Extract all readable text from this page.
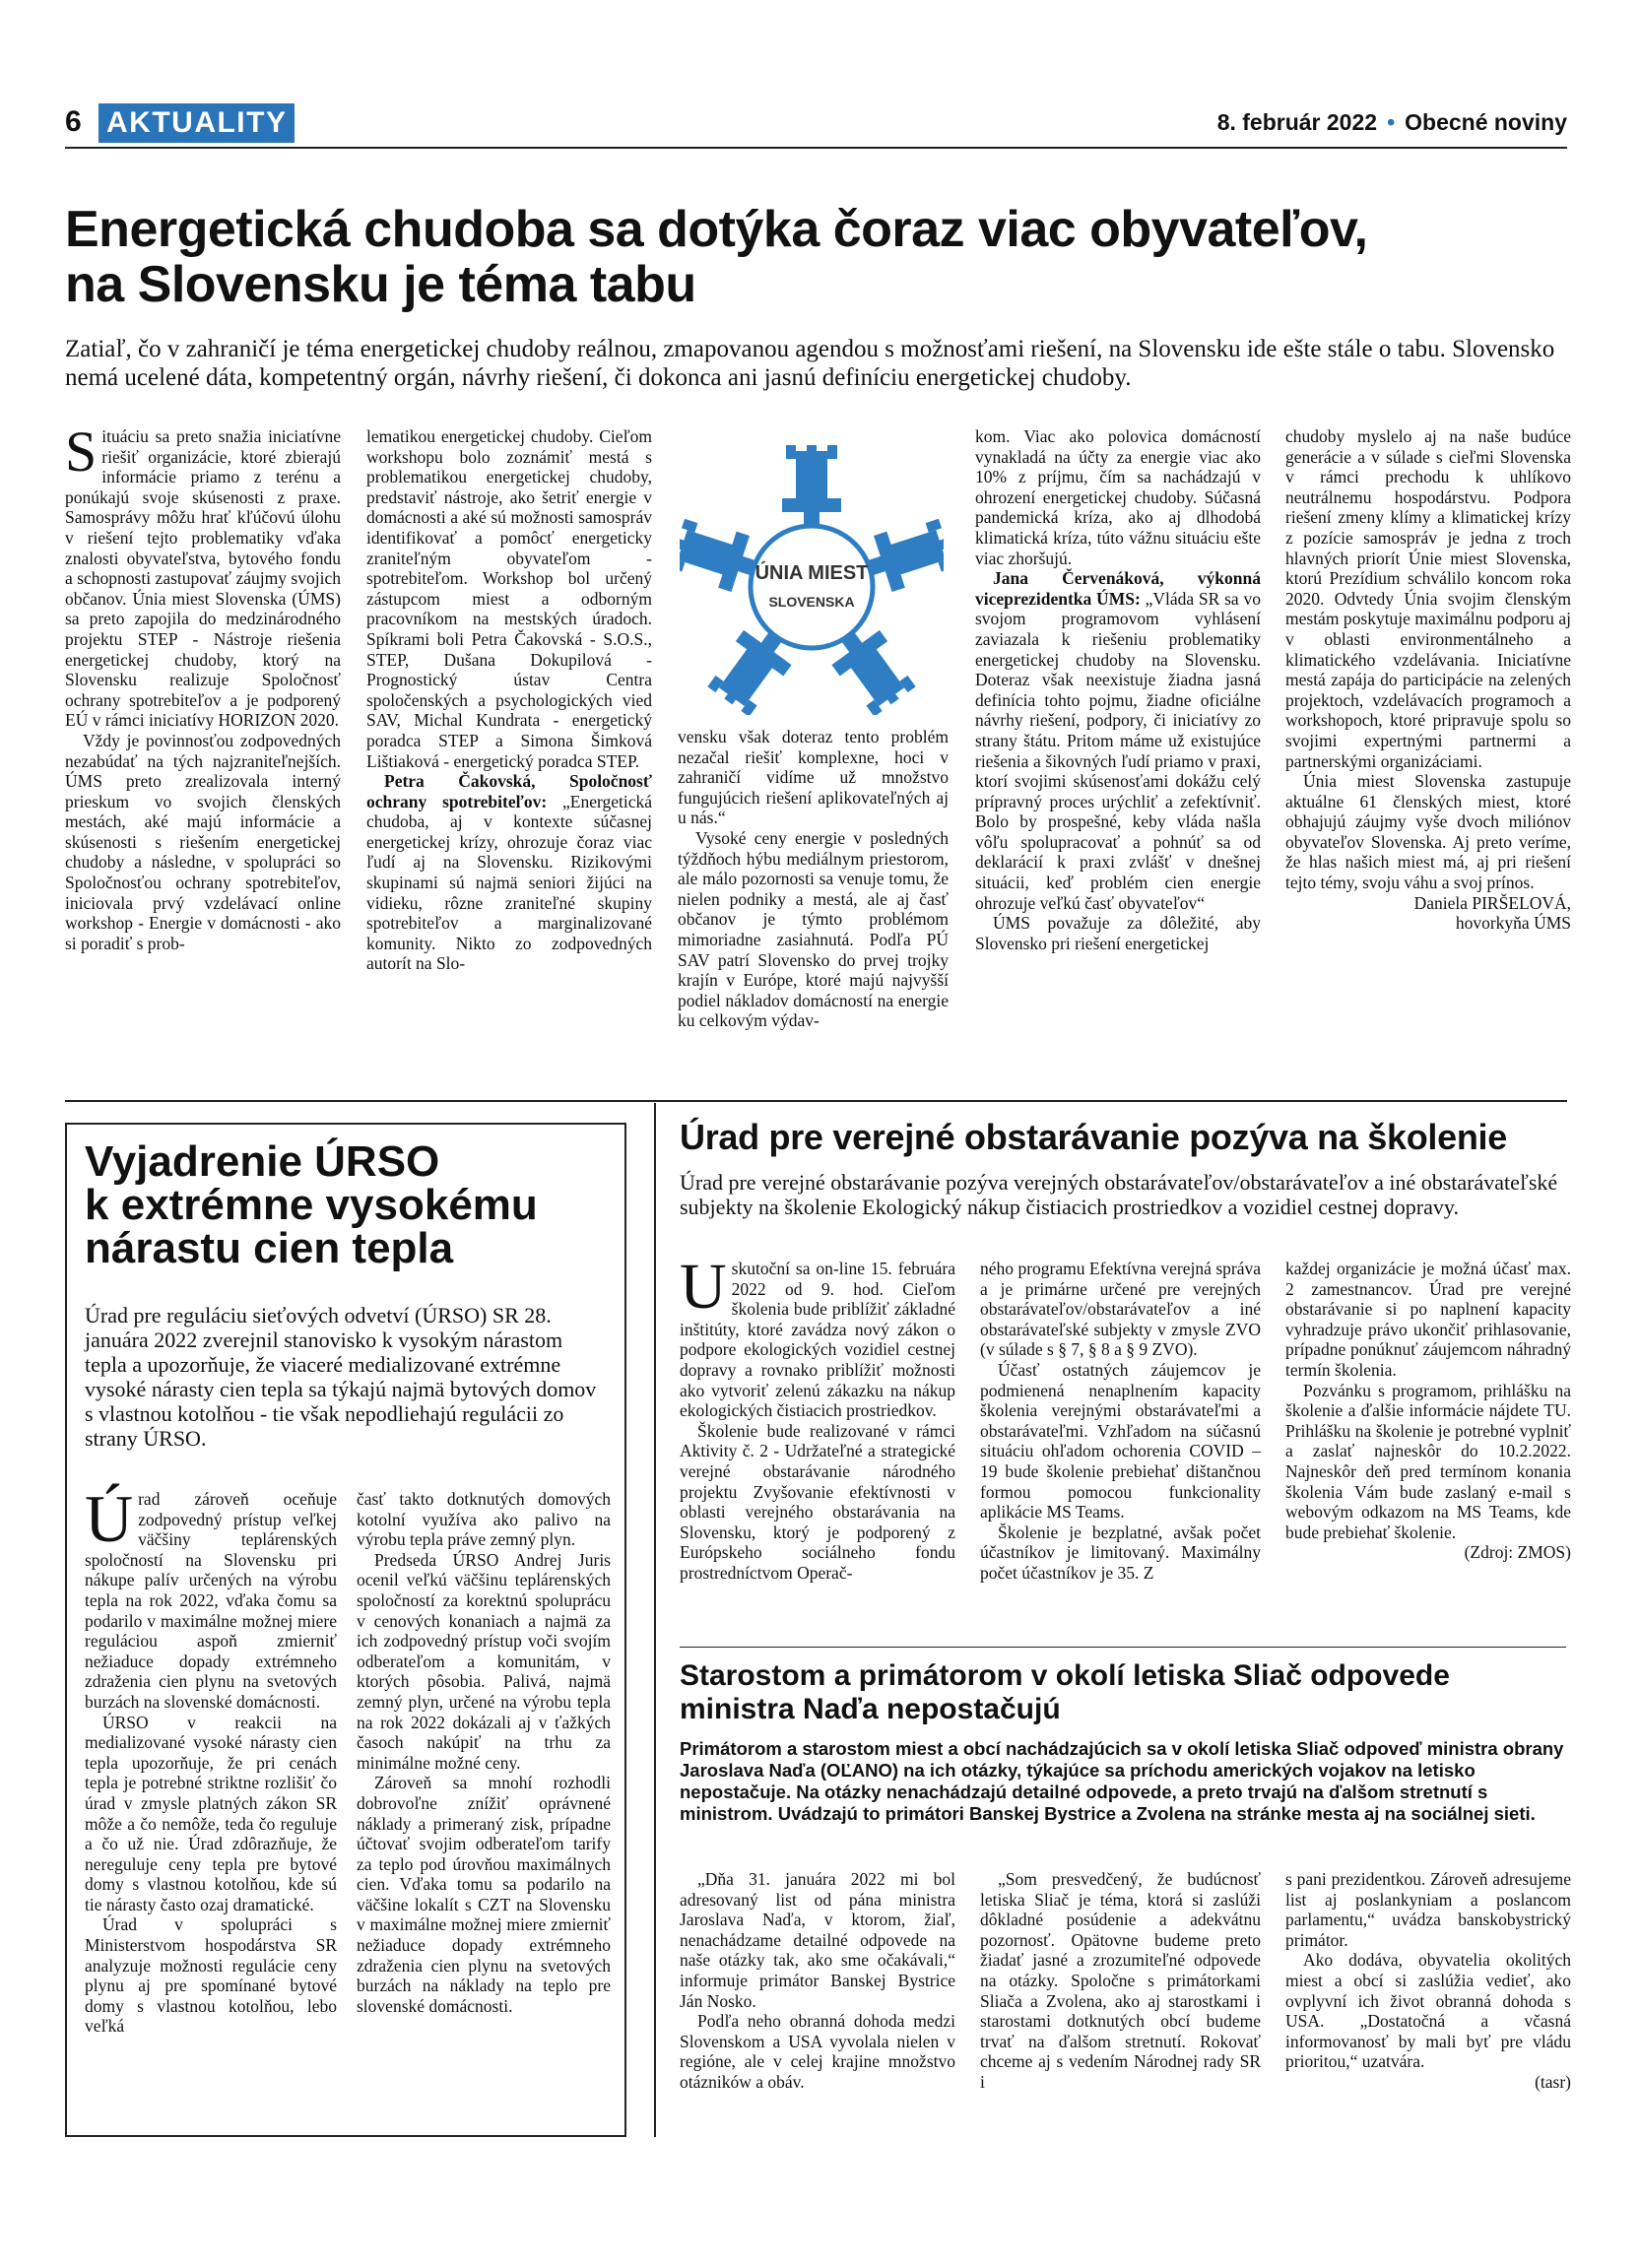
6 AKTUALITY	8. február 2022 • Obecné noviny
Energetická chudoba sa dotýka čoraz viac obyvateľov,
na Slovensku je téma tabu
Zatiaľ, čo v zahraničí je téma energetickej chudoby reálnou, zmapovanou agendou s možnosťami riešení, na Slovensku ide ešte stále o tabu. Slovensko nemá ucelené dáta, kompetentný orgán, návrhy riešení, či dokonca ani jasnú definíciu energetickej chudoby.

Situáciu sa preto snažia iniciatívne riešiť organizácie, ktoré zbierajú informácie priamo z terénu a ponúkajú svoje skúsenosti z praxe. Samosprávy môžu hrať kľúčovú úlohu v riešení tejto problematiky vďaka znalosti obyvateľstva, bytového fondu a schopnosti zastupovať záujmy svojich občanov. Únia miest Slovenska (ÚMS) sa preto zapojila do medzinárodného projektu STEP - Nástroje riešenia energetickej chudoby, ktorý na Slovensku realizuje Spoločnosť ochrany spotrebiteľov a je podporený EÚ v rámci iniciatívy HORIZON 2020.

Vždy je povinnosťou zodpovedných nezabúdať na tých najzraniteľnejších. ÚMS preto zrealizovala interný prieskum vo svojich členských mestách, aké majú informácie a skúsenosti s riešením energetickej chudoby a následne, v spolupráci so Spoločnosťou ochrany spotrebiteľov, iniciovala prvý vzdelávací online workshop - Energie v domácnosti - ako si poradiť s prob-

lematikou energetickej chudoby. Cieľom workshopu bolo zoznámiť mestá s problematikou energetickej chudoby, predstaviť nástroje, ako šetriť energie v domácnosti a aké sú možnosti samospráv identifikovať a pomôcť energeticky zraniteľným obyvateľom - spotrebiteľom. Workshop bol určený zástupcom miest a odborným pracovníkom na mestských úradoch. Spíkrami boli Petra Čakovská - S.O.S., STEP, Dušana Dokupilová - Prognostický ústav Centra spoločenských a psychologických vied SAV, Michal Kundrata - energetický poradca STEP a Simona Šimková Lištiaková - energetický poradca STEP.

Petra Čakovská, Spoločnosť ochrany spotrebiteľov: „Energetická chudoba, aj v kontexte súčasnej energetickej krízy, ohrozuje čoraz viac ľudí aj na Slovensku. Rizikovými skupinami sú najmä seniori žijúci na vidieku, rôzne zraniteľné skupiny spotrebiteľov a marginalizované komunity. Nikto zo zodpovedných autorít na Slo-

ÚNIA MIEST
SLOVENSKA

vensku však doteraz tento problém nezačal riešiť komplexne, hoci v zahraničí vidíme už množstvo fungujúcich riešení aplikovateľných aj u nás.“

Vysoké ceny energie v posledných týždňoch hýbu mediálnym priestorom, ale málo pozornosti sa venuje tomu, že nielen podniky a mestá, ale aj časť občanov je týmto problémom mimoriadne zasiahnutá. Podľa PÚ SAV patrí Slovensko do prvej trojky krajín v Európe, ktoré majú najvyšší podiel nákladov domácností na energie ku celkovým výdav-

kom. Viac ako polovica domácností vynakladá na účty za energie viac ako 10% z príjmu, čím sa nachádzajú v ohrození energetickej chudoby. Súčasná pandemická kríza, ako aj dlhodobá klimatická kríza, túto vážnu situáciu ešte viac zhoršujú.

Jana Červenáková, výkonná viceprezidentka ÚMS: „Vláda SR sa vo svojom programovom vyhlásení zaviazala k riešeniu problematiky energetickej chudoby na Slovensku. Doteraz však neexistuje žiadna jasná definícia tohto pojmu, žiadne oficiálne návrhy riešení, podpory, či iniciatívy zo strany štátu. Pritom máme už existujúce riešenia a šikovných ľudí priamo v praxi, ktorí svojimi skúsenosťami dokážu celý prípravný proces urýchliť a zefektívniť. Bolo by prospešné, keby vláda našla vôľu spolupracovať a pohnúť sa od deklarácií k praxi zvlášť v dnešnej situácii, keď problém cien energie ohrozuje veľkú časť obyvateľov“

ÚMS považuje za dôležité, aby Slovensko pri riešení energetickej

chudoby myslelo aj na naše budúce generácie a v súlade s cieľmi Slovenska v rámci prechodu k uhlíkovo neutrálnemu hospodárstvu. Podpora riešení zmeny klímy a klimatickej krízy z pozície samospráv je jedna z troch hlavných priorít Únie miest Slovenska, ktorú Prezídium schválilo koncom roka 2020. Odvtedy Únia svojim členským mestám poskytuje maximálnu podporu aj v oblasti environmentálneho a klimatického vzdelávania. Iniciatívne mestá zapája do participácie na zelených projektoch, vzdelávacích programoch a workshopoch, ktoré pripravuje spolu so svojimi expertnými partnermi a partnerskými organizáciami.

Únia miest Slovenska zastupuje aktuálne 61 členských miest, ktoré obhajujú záujmy vyše dvoch miliónov obyvateľov Slovenska. Aj preto veríme, že hlas našich miest má, aj pri riešení tejto témy, svoju váhu a svoj prínos.

Daniela PIRŠELOVÁ,
hovorkyňa ÚMS
Vyjadrenie ÚRSO
k extrémne vysokému
nárastu cien tepla
Úrad pre reguláciu sieťových odvetví (ÚRSO) SR 28. januára 2022 zverejnil stanovisko k vysokým nárastom tepla a upozorňuje, že viaceré medializované extrémne vysoké nárasty cien tepla sa týkajú najmä bytových domov s vlastnou kotolňou - tie však nepodliehajú regulácii zo strany ÚRSO.

Úrad zároveň oceňuje zodpovedný prístup veľkej väčšiny teplárenských spoločností na Slovensku pri nákupe palív určených na výrobu tepla na rok 2022, vďaka čomu sa podarilo v maximálne možnej miere reguláciou aspoň zmierniť nežiaduce dopady extrémneho zdraženia cien plynu na svetových burzách na slovenské domácnosti.

ÚRSO v reakcii na medializované vysoké nárasty cien tepla upozorňuje, že pri cenách tepla je potrebné striktne rozlišiť čo úrad v zmysle platných zákon SR môže a čo nemôže, teda čo reguluje a čo už nie. Úrad zdôrazňuje, že nereguluje ceny tepla pre bytové domy s vlastnou kotolňou, kde sú tie nárasty často ozaj dramatické.

Úrad v spolupráci s Ministerstvom hospodárstva SR analyzuje možnosti regulácie ceny plynu aj pre spomínané bytové domy s vlastnou kotolňou, lebo veľká

časť takto dotknutých domových kotolní využíva ako palivo na výrobu tepla práve zemný plyn.

Predseda ÚRSO Andrej Juris ocenil veľkú väčšinu teplárenských spoločností za korektnú spoluprácu v cenových konaniach a najmä za ich zodpovedný prístup voči svojím odberateľom a komunitám, v ktorých pôsobia. Palivá, najmä zemný plyn, určené na výrobu tepla na rok 2022 dokázali aj v ťažkých časoch nakúpiť na trhu za minimálne možné ceny.

Zároveň sa mnohí rozhodli dobrovoľne znížiť oprávnené náklady a primeraný zisk, prípadne účtovať svojim odberateľom tarify za teplo pod úrovňou maximálnych cien. Vďaka tomu sa podarilo na väčšine lokalít s CZT na Slovensku v maximálne možnej miere zmierniť nežiaduce dopady extrémneho zdraženia cien plynu na svetových burzách na náklady na teplo pre slovenské domácnosti.

Úrad pre verejné obstarávanie pozýva na školenie
Úrad pre verejné obstarávanie pozýva verejných obstarávateľov/obstarávateľov a iné obstarávateľské subjekty na školenie Ekologický nákup čistiacich prostriedkov a vozidiel cestnej dopravy.

Uskutoční sa on-line 15. februára 2022 od 9. hod. Cieľom školenia bude priblížiť základné inštitúty, ktoré zavádza nový zákon o podpore ekologických vozidiel cestnej dopravy a rovnako priblížiť možnosti ako vytvoriť zelenú zákazku na nákup ekologických čistiacich prostriedkov.

Školenie bude realizované v rámci Aktivity č. 2 - Udržateľné a strategické verejné obstarávanie národného projektu Zvyšovanie efektívnosti v oblasti verejného obstarávania na Slovensku, ktorý je podporený z Európskeho sociálneho fondu prostredníctvom Operač-

ného programu Efektívna verejná správa a je primárne určené pre verejných obstarávateľov/obstarávateľov a iné obstarávateľské subjekty v zmysle ZVO (v súlade s § 7, § 8 a § 9 ZVO).

Účasť ostatných záujemcov je podmienená nenaplnením kapacity školenia verejnými obstarávateľmi a obstarávateľmi. Vzhľadom na súčasnú situáciu ohľadom ochorenia COVID – 19 bude školenie prebiehať dištančnou formou pomocou funkcionality aplikácie MS Teams.

Školenie je bezplatné, avšak počet účastníkov je limitovaný. Maximálny počet účastníkov je 35. Z

každej organizácie je možná účasť max. 2 zamestnancov. Úrad pre verejné obstarávanie si po naplnení kapacity vyhradzuje právo ukončiť prihlasovanie, prípadne ponúknuť záujemcom náhradný termín školenia.

Pozvánku s programom, prihlášku na školenie a ďalšie informácie nájdete TU. Prihlášku na školenie je potrebné vyplniť a zaslať najneskôr do 10.2.2022. Najneskôr deň pred termínom konania školenia Vám bude zaslaný e-mail s webovým odkazom na MS Teams, kde bude prebiehať školenie.

(Zdroj: ZMOS)
Starostom a primátorom v okolí letiska Sliač odpovede
ministra Naďa nepostačujú
Primátorom a starostom miest a obcí nachádzajúcich sa v okolí letiska Sliač odpoveď ministra obrany Jaroslava Naďa (OĽANO) na ich otázky, týkajúce sa príchodu amerických vojakov na letisko nepostačuje. Na otázky nenachádzajú detailné odpovede, a preto trvajú na ďalšom stretnutí s ministrom. Uvádzajú to primátori Banskej Bystrice a Zvolena na stránke mesta aj na sociálnej sieti.

„Dňa 31. januára 2022 mi bol adresovaný list od pána ministra Jaroslava Naďa, v ktorom, žiaľ, nenachádzame detailné odpovede na naše otázky tak, ako sme očakávali,“ informuje primátor Banskej Bystrice Ján Nosko.

Podľa neho obranná dohoda medzi Slovenskom a USA vyvolala nielen v regióne, ale v celej krajine množstvo otázników a obáv.

„Som presvedčený, že budúcnosť letiska Sliač je téma, ktorá si zaslúži dôkladné posúdenie a adekvátnu pozornosť. Opätovne budeme preto žiadať jasné a zrozumiteľné odpovede na otázky. Spoločne s primátorkami Sliača a Zvolena, ako aj starostkami i starostami dotknutých obcí budeme trvať na ďalšom stretnutí. Rokovať chceme aj s vedením Národnej rady SR i

s pani prezidentkou. Zároveň adresujeme list aj poslankyniam a poslancom parlamentu,“ uvádza banskobystrický primátor.

Ako dodáva, obyvatelia okolitých miest a obcí si zaslúžia vedieť, ako ovplyvní ich život obranná dohoda s USA. „Dostatočná a včasná informovanosť by mali byť pre vládu prioritou,“ uzatvára.

(tasr)
